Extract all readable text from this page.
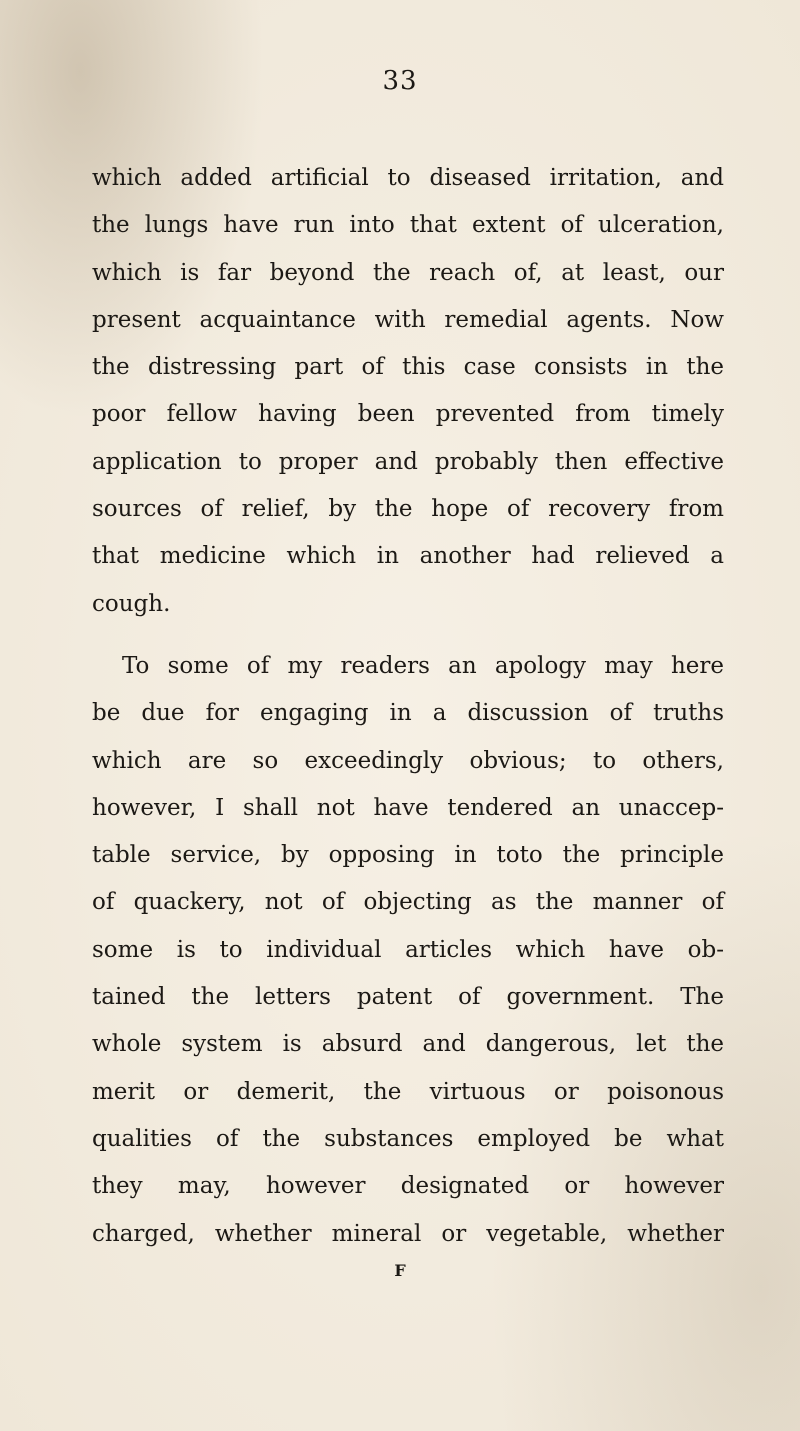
33

which added artificial to diseased irritation, and
the lungs have run into that extent of ulceration,
which is far beyond the reach of, at least, our
present acquaintance with remedial agents. Now
the distressing part of this case consists in the
poor fellow having been prevented from timely
application to proper and probably then effective
sources of relief, by the hope of recovery from
that medicine which in another had relieved a
cough.

To some of my readers an apology may here
be due for engaging in a discussion of truths
which are so exceedingly obvious; to others,
however, I shall not have tendered an unaccep-
table service, by opposing in toto the principle
of quackery, not of objecting as the manner of
some is to individual articles which have ob-
tained the letters patent of government. The
whole system is absurd and dangerous, let the
merit or demerit, the virtuous or poisonous
qualities of the substances employed be what
they may, however designated or however
charged, whether mineral or vegetable, whether

F
